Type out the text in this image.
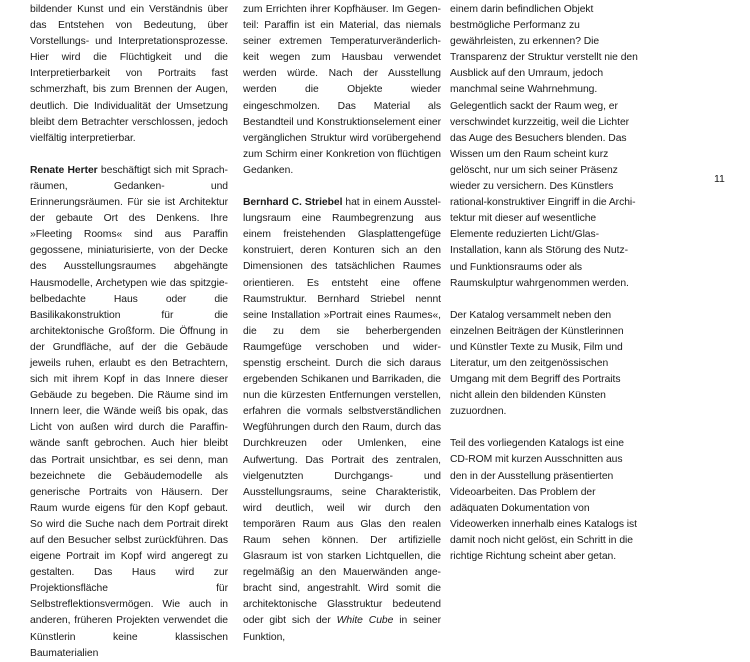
bildender Kunst und ein Verständnis über das Entstehen von Bedeutung, über Vorstellungs- und Interpretationsprozesse. Hier wird die Flüchtigkeit und die Interpretierbarkeit von Portraits fast schmerzhaft, bis zum Brennen der Augen, deutlich. Die Individualität der Umsetzung bleibt dem Betrachter verschlossen, jedoch vielfältig interpretierbar.

Renate Herter beschäftigt sich mit Sprachräumen, Gedanken- und Erinnerungsräumen. Für sie ist Architektur der gebaute Ort des Denkens. Ihre »Fleeting Rooms« sind aus Paraffin gegossene, miniaturisierte, von der Decke des Ausstellungsraumes abgehängte Hausmodelle, Archetypen wie das spitzgiebelbedachte Haus oder die Basilikakonstruktion für die architektonische Großform. Die Öffnung in der Grundfläche, auf der die Gebäude jeweils ruhen, erlaubt es den Betrachtern, sich mit ihrem Kopf in das Innere dieser Gebäude zu begeben. Die Räume sind im Innern leer, die Wände weiß bis opak, das Licht von außen wird durch die Paraffinwände sanft gebrochen. Auch hier bleibt das Portrait unsichtbar, es sei denn, man bezeichnete die Gebäudemodelle als generische Portraits von Häusern. Der Raum wurde eigens für den Kopf gebaut. So wird die Suche nach dem Portrait direkt auf den Besucher selbst zurückführen. Das eigene Portrait im Kopf wird angeregt zu gestalten. Das Haus wird zur Projektionsfläche für Selbstreflektionsvermögen. Wie auch in anderen, früheren Projekten verwendet die Künstlerin keine klassischen Baumaterialien

zum Errichten ihrer Kopfhäuser. Im Gegenteil: Paraffin ist ein Material, das niemals seiner extremen Temperaturveränderlichkeit wegen zum Hausbau verwendet werden würde. Nach der Ausstellung werden die Objekte wieder eingeschmolzen. Das Material als Bestandteil und Konstruktionselement einer vergänglichen Struktur wird vorübergehend zum Schirm einer Konkretion von flüchtigen Gedanken.

Bernhard C. Striebel hat in einem Ausstellungsraum eine Raumbegrenzung aus einem freistehenden Glasplattengefüge konstruiert, deren Konturen sich an den Dimensionen des tatsächlichen Raumes orientieren. Es entsteht eine offene Raumstruktur. Bernhard Striebel nennt seine Installation »Portrait eines Raumes«, die zu dem sie beherbergenden Raumgefüge verschoben und widerspenstig erscheint. Durch die sich daraus ergebenden Schikanen und Barrikaden, die nun die kürzesten Entfernungen verstellen, erfahren die vormals selbstverständlichen Wegführungen durch den Raum, durch das Durchkreuzen oder Umlenken, eine Aufwertung. Das Portrait des zentralen, vielgenutzten Durchgangs- und Ausstellungsraums, seine Charakteristik, wird deutlich, weil wir durch den temporären Raum aus Glas den realen Raum sehen können. Der artifizielle Glasraum ist von starken Lichtquellen, die regelmäßig an den Mauerwänden angebracht sind, angestrahlt. Wird somit die architektonische Glasstruktur bedeutend oder gibt sich der White Cube in seiner Funktion,

einem darin befindlichen Objekt bestmögliche Performanz zu gewährleisten, zu erkennen? Die Transparenz der Struktur verstellt nie den Ausblick auf den Umraum, jedoch manchmal seine Wahrnehmung. Gelegentlich sackt der Raum weg, er verschwindet kurzzeitig, weil die Lichter das Auge des Besuchers blenden. Das Wissen um den Raum scheint kurz gelöscht, nur um sich seiner Präsenz wieder zu versichern. Des Künstlers rational-konstruktiver Eingriff in die Architektur mit dieser auf wesentliche Elemente reduzierten Licht/Glas-Installation, kann als Störung des Nutz- und Funktionsraums oder als Raumskulptur wahrgenommen werden.

Der Katalog versammelt neben den einzelnen Beiträgen der Künstlerinnen und Künstler Texte zu Musik, Film und Literatur, um den zeitgenössischen Umgang mit dem Begriff des Portraits nicht allein den bildenden Künsten zuzuordnen.

Teil des vorliegenden Katalogs ist eine CD-ROM mit kurzen Ausschnitten aus den in der Ausstellung präsentierten Videoarbeiten. Das Problem der adäquaten Dokumentation von Videowerken innerhalb eines Katalogs ist damit noch nicht gelöst, ein Schritt in die richtige Richtung scheint aber getan.

11
